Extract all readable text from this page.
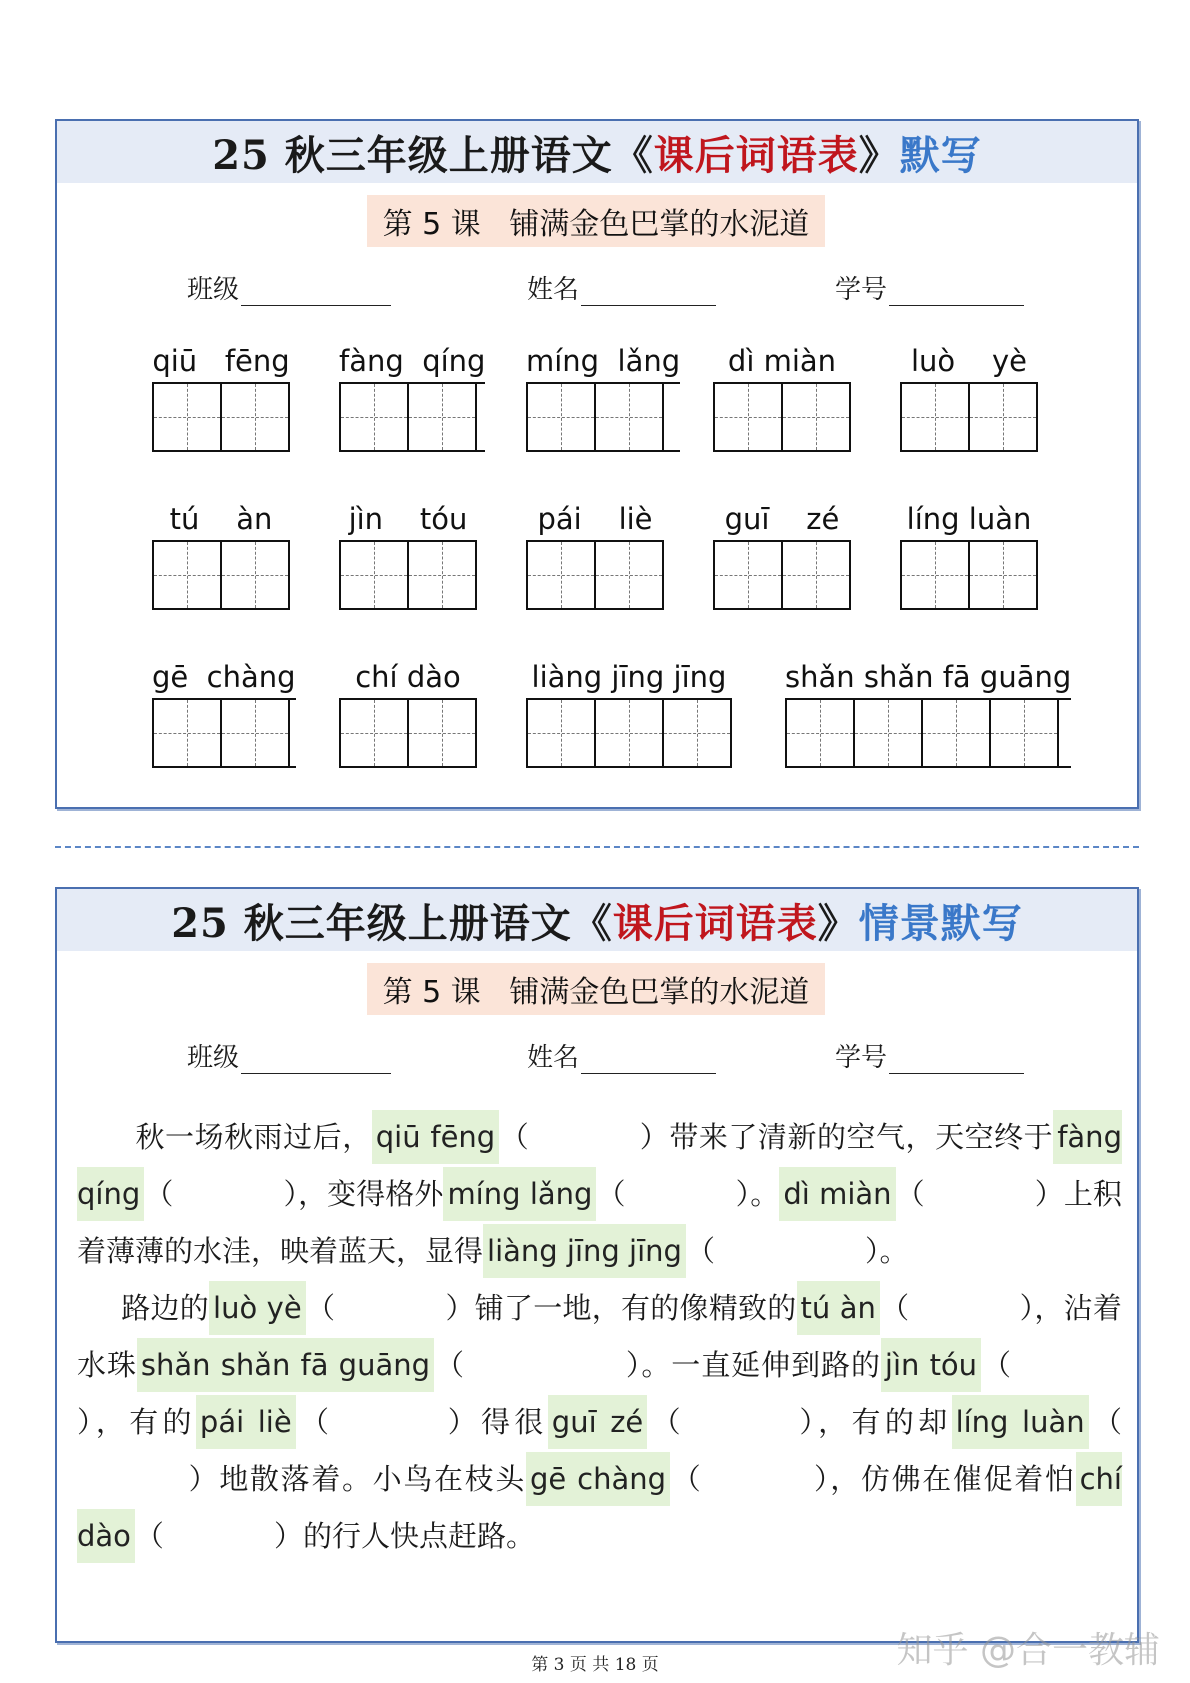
25 秋三年级上册语文《 课后词语表 》 默写
第 5 课   铺满金色巴掌的水泥道
班级	姓名	学号
qiū   fēng fàng  qíng míng  lǎng	dì miàn	luò    yè
tú    àn	jìn    tóu	pái    liè	guī    zé	líng luàn
gē  chàng	chí dào	liàng jīng jīng shǎn shǎn fā guāng
25 秋三年级上册语文《 课后词语表 》 情景默写
第 5 课   铺满金色巴掌的水泥道
班级	姓名	学号
秋一场秋雨过后， qiū fēng （	）带来了清新的空气，天空终于 fàng qíng （	），变得格外 míng lǎng （	）。 dì miàn （	）上积着薄薄的水洼，映着蓝天，显得 liàng jīng jīng （	）。
路边的 luò yè （	）铺了一地，有的像精致的 tú àn （	），沾着水珠 shǎn shǎn fā guāng （	）。一直延伸到路的 jìn tóu （），有的 pái liè （	）得很 guī zé （	），有的却 líng luàn （）地散落着。小鸟在枝头 gē chàng （	），仿佛在催促着怕 chí dào （	）的行人快点赶路。
第 3 页 共 18 页	知乎 @合一教辅
